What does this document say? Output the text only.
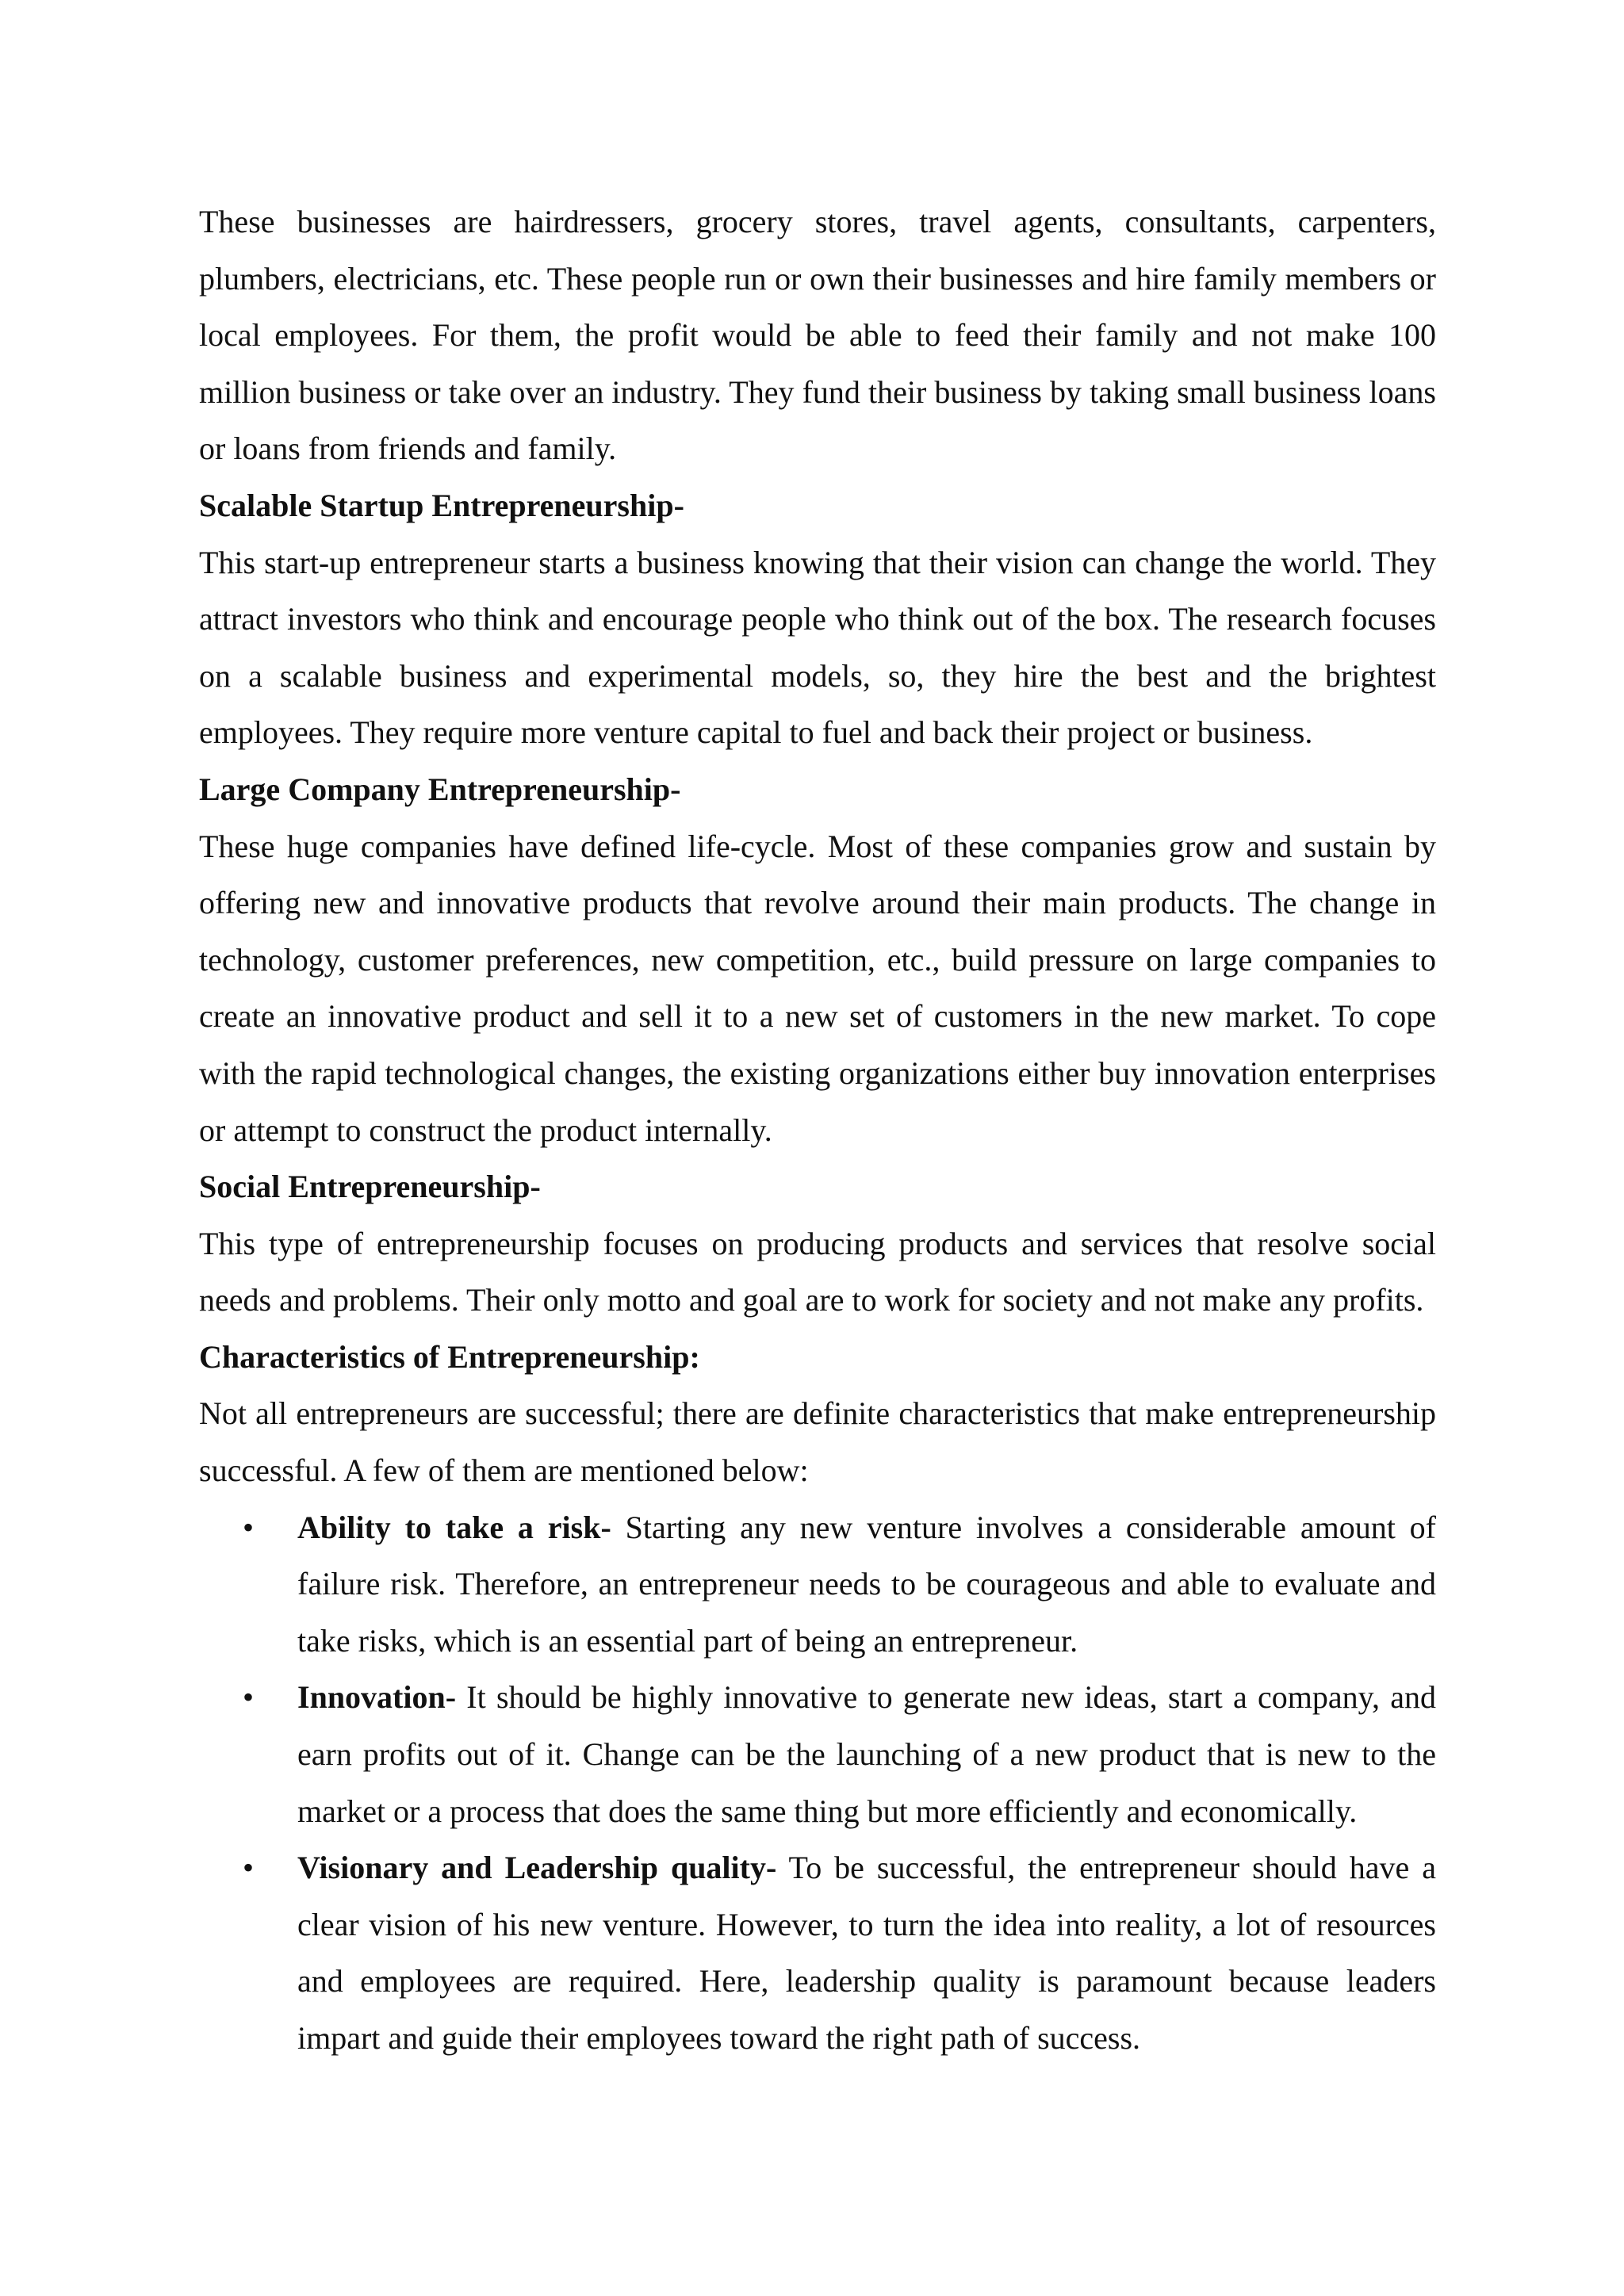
These businesses are hairdressers, grocery stores, travel agents, consultants, carpenters, plumbers, electricians, etc. These people run or own their businesses and hire family members or local employees. For them, the profit would be able to feed their family and not make 100 million business or take over an industry. They fund their business by taking small business loans or loans from friends and family.

Scalable Startup Entrepreneurship-

This start-up entrepreneur starts a business knowing that their vision can change the world. They attract investors who think and encourage people who think out of the box. The research focuses on a scalable business and experimental models, so, they hire the best and the brightest employees. They require more venture capital to fuel and back their project or business.

Large Company Entrepreneurship-

These huge companies have defined life-cycle. Most of these companies grow and sustain by offering new and innovative products that revolve around their main products. The change in technology, customer preferences, new competition, etc., build pressure on large companies to create an innovative product and sell it to a new set of customers in the new market. To cope with the rapid technological changes, the existing organizations either buy innovation enterprises or attempt to construct the product internally.

Social Entrepreneurship-

This type of entrepreneurship focuses on producing products and services that resolve social needs and problems. Their only motto and goal are to work for society and not make any profits.

Characteristics of Entrepreneurship:

Not all entrepreneurs are successful; there are definite characteristics that make entrepreneurship successful. A few of them are mentioned below:

• Ability to take a risk- Starting any new venture involves a considerable amount of failure risk. Therefore, an entrepreneur needs to be courageous and able to evaluate and take risks, which is an essential part of being an entrepreneur.
• Innovation- It should be highly innovative to generate new ideas, start a company, and earn profits out of it. Change can be the launching of a new product that is new to the market or a process that does the same thing but more efficiently and economically.
• Visionary and Leadership quality- To be successful, the entrepreneur should have a clear vision of his new venture. However, to turn the idea into reality, a lot of resources and employees are required. Here, leadership quality is paramount because leaders impart and guide their employees toward the right path of success.
